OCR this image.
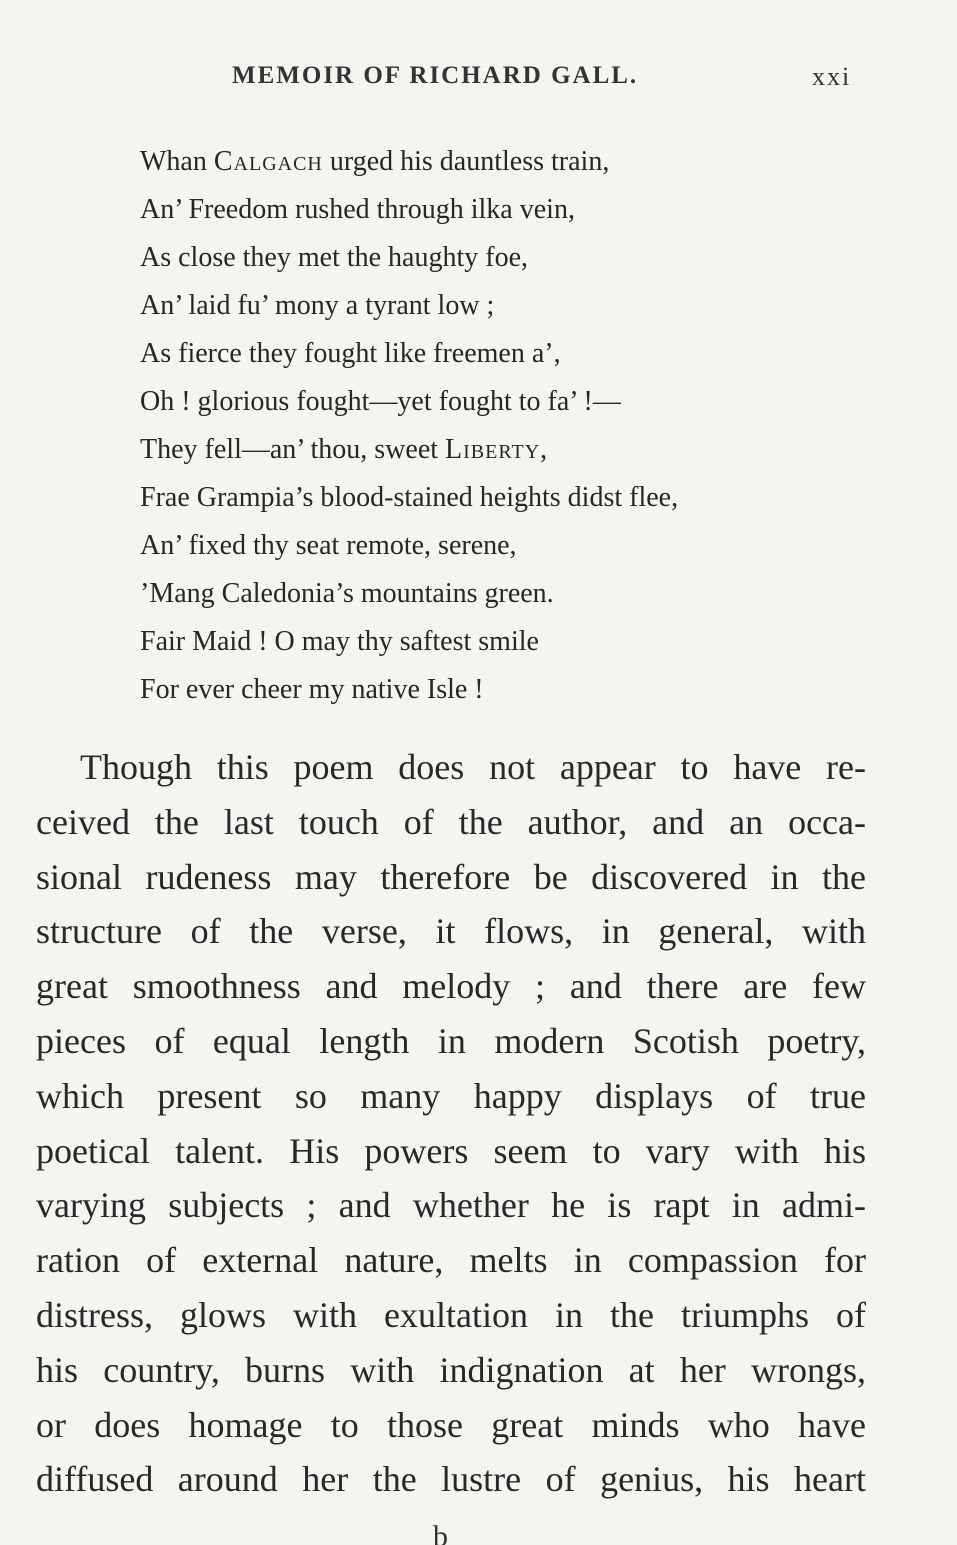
MEMOIR OF RICHARD GALL.	xxi
Whan Calgach urged his dauntless train,
An’ Freedom rushed through ilka vein,
As close they met the haughty foe,
An’ laid fu’ mony a tyrant low ;
As fierce they fought like freemen a’,
Oh ! glorious fought—yet fought to fa’ !—
They fell—an’ thou, sweet Liberty,
Frae Grampia’s blood-stained heights didst flee,
An’ fixed thy seat remote, serene,
’Mang Caledonia’s mountains green.
Fair Maid ! O may thy saftest smile
For ever cheer my native Isle !
Though this poem does not appear to have re-
ceived the last touch of the author, and an occa-
sional rudeness may therefore be discovered in the
structure of the verse, it flows, in general, with
great smoothness and melody ; and there are few
pieces of equal length in modern Scotish poetry,
which present so many happy displays of true
poetical talent. His powers seem to vary with his
varying subjects ; and whether he is rapt in admi-
ration of external nature, melts in compassion for
distress, glows with exultation in the triumphs of
his country, burns with indignation at her wrongs,
or does homage to those great minds who have
diffused around her the lustre of genius, his heart
b
